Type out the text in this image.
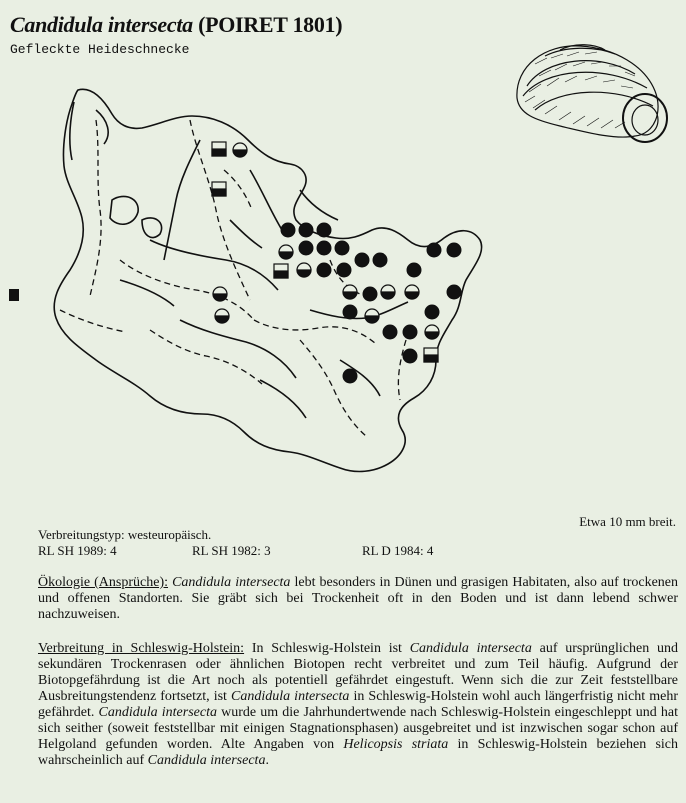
Candidula intersecta (POIRET 1801)
Gefleckte Heideschnecke
Etwa 10 mm breit.
Verbreitungstyp: westeuropäisch.
RL SH 1989: 4	RL SH 1982: 3	RL D 1984: 4
Ökologie (Ansprüche): Candidula intersecta lebt besonders in Dünen und grasigen Habitaten, also auf trockenen und offenen Standorten. Sie gräbt sich bei Trockenheit oft in den Boden und ist dann lebend schwer nachzuweisen.
Verbreitung in Schleswig-Holstein: In Schleswig-Holstein ist Candidula intersecta auf ursprünglichen und sekundären Trockenrasen oder ähnlichen Biotopen recht verbreitet und zum Teil häufig. Aufgrund der Biotopgefährdung ist die Art noch als potentiell gefährdet eingestuft. Wenn sich die zur Zeit feststellbare Ausbreitungstendenz fortsetzt, ist Candidula intersecta in Schleswig-Holstein wohl auch längerfristig nicht mehr gefährdet. Candidula intersecta wurde um die Jahrhundertwende nach Schleswig-Holstein eingeschleppt und hat sich seither (soweit feststellbar mit einigen Stagnationsphasen) ausgebreitet und ist inzwischen sogar schon auf Helgoland gefunden worden. Alte Angaben von Helicopsis striata in Schleswig-Holstein beziehen sich wahrscheinlich auf Candidula intersecta.
